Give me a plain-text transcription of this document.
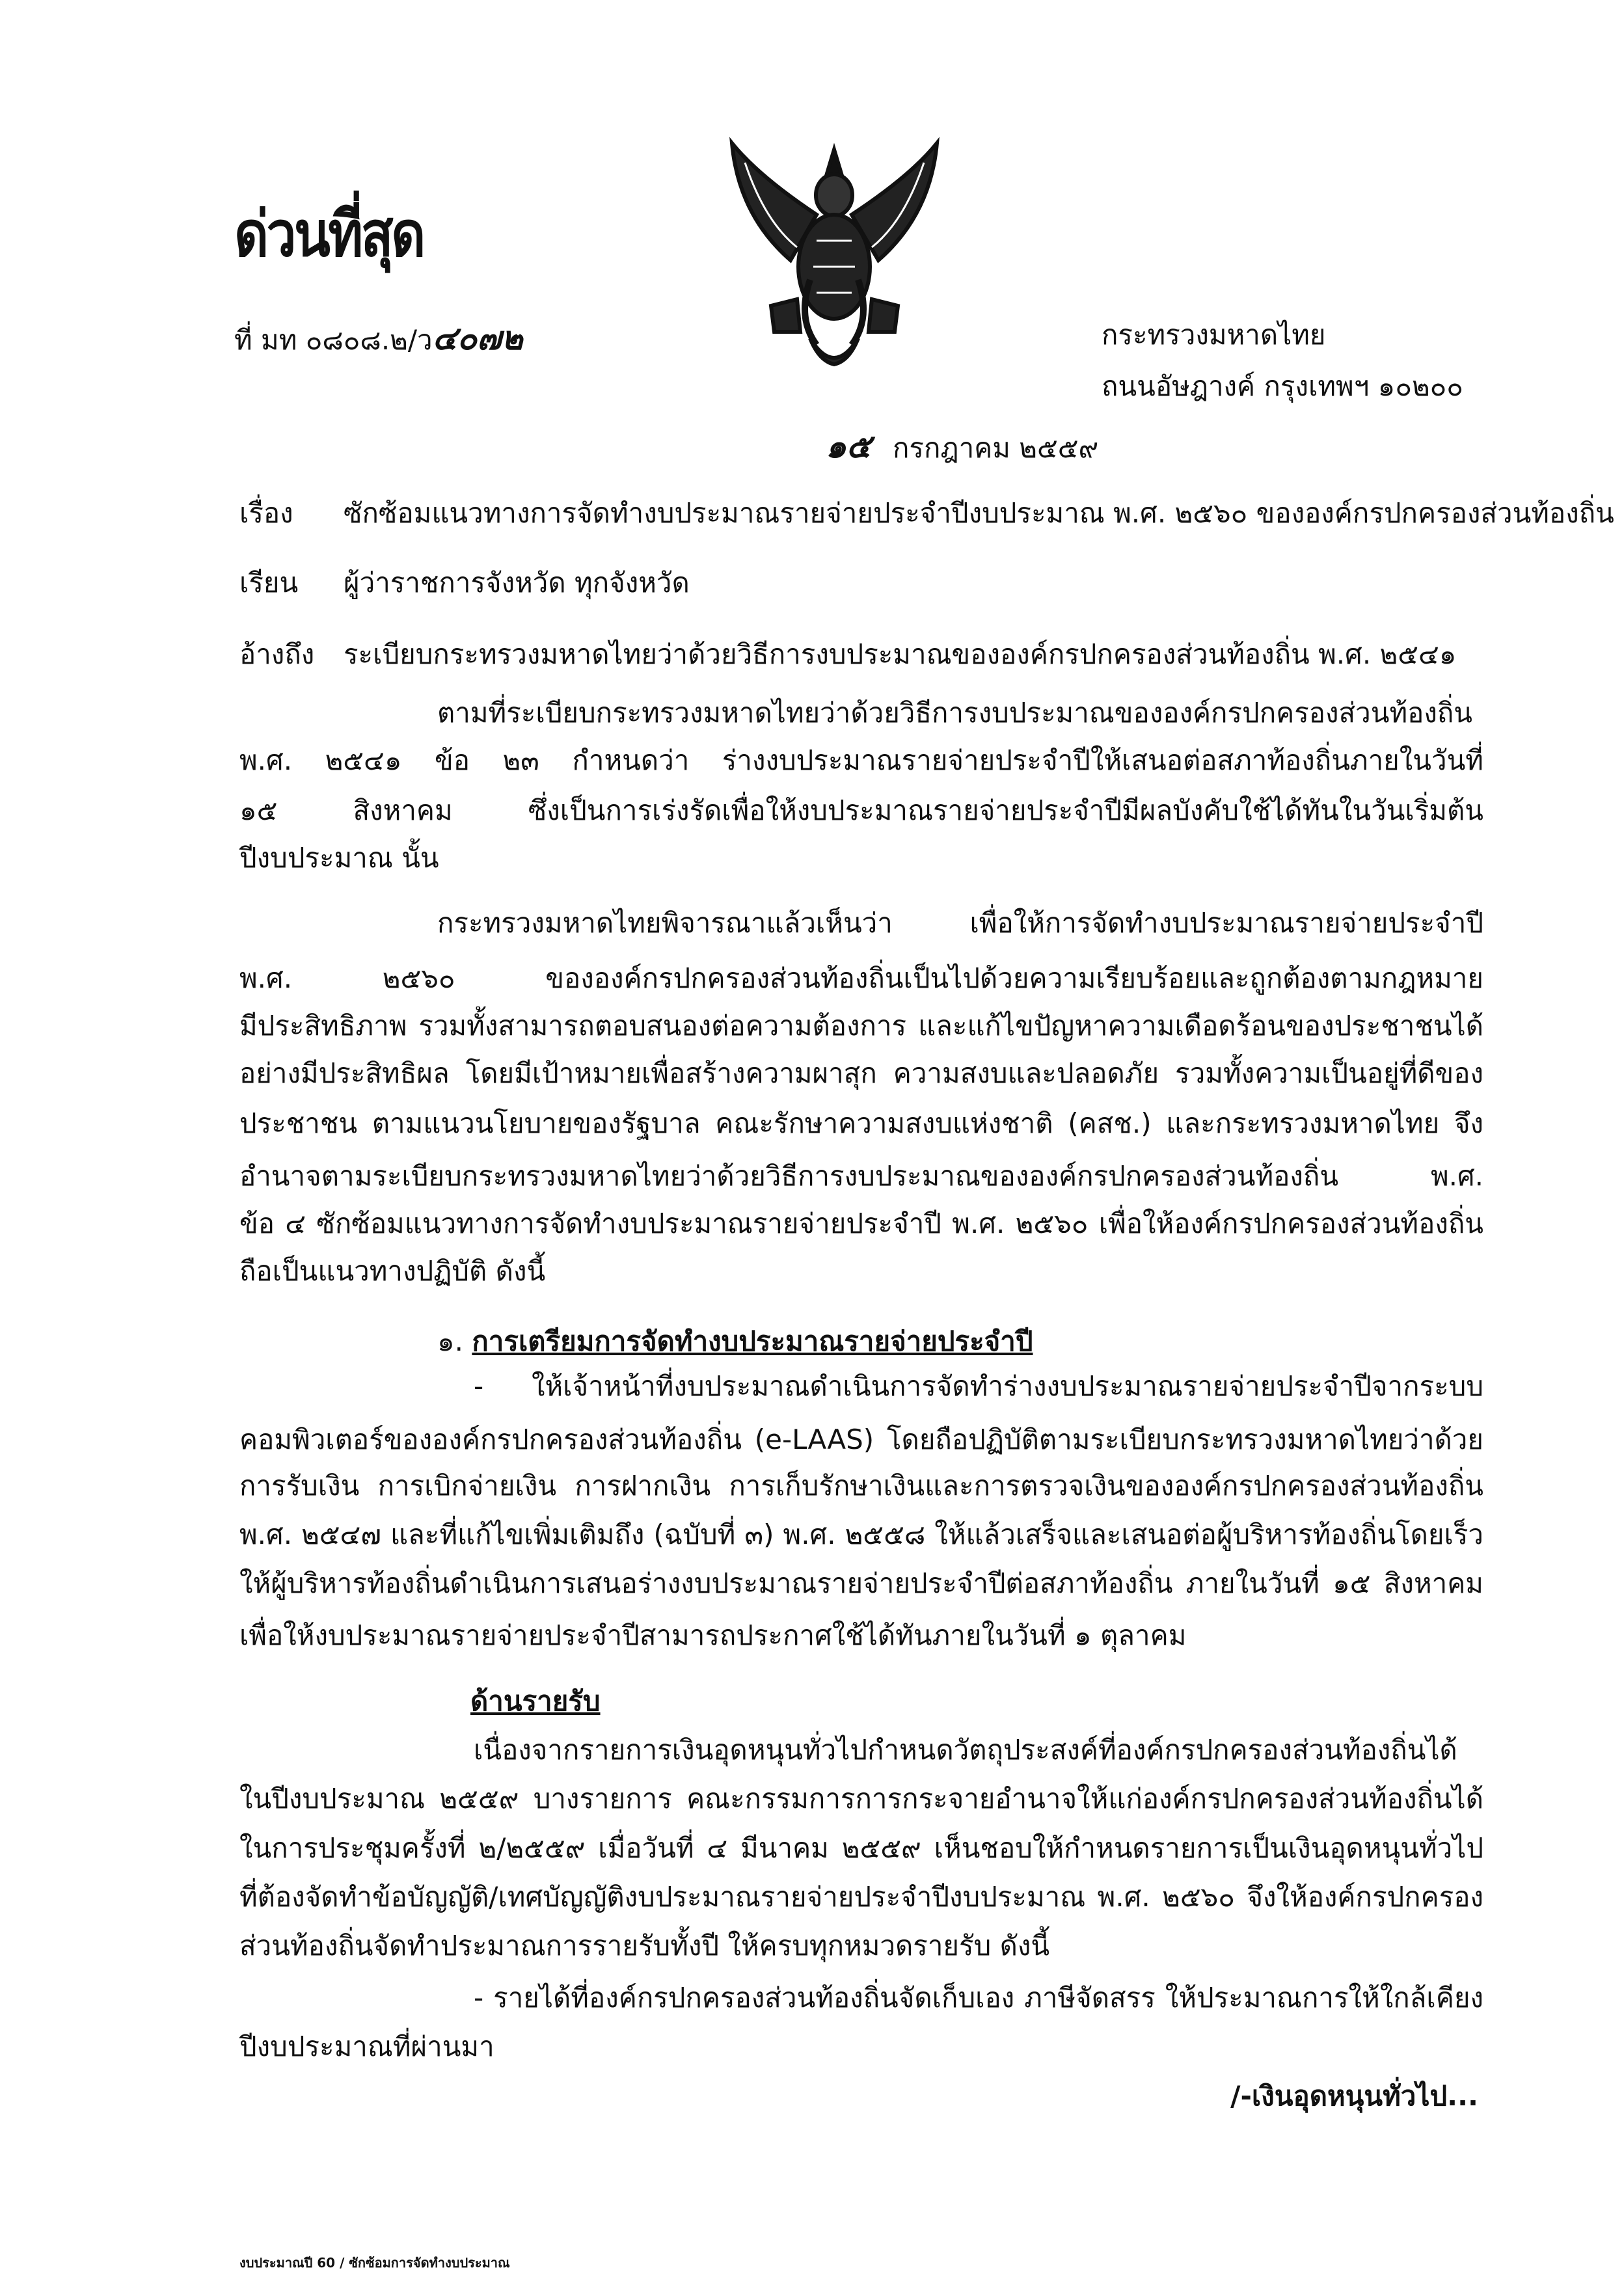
ด่วนที่สุด
ที่ มท ๐๘๐๘.๒/ว๔๐๗๒	กระทรวงมหาดไทย
ถนนอัษฎางค์ กรุงเทพฯ ๑๐๒๐๐
๑๕ กรกฎาคม ๒๕๕๙
เรื่อง ซักซ้อมแนวทางการจัดทำงบประมาณรายจ่ายประจำปีงบประมาณ พ.ศ. ๒๕๖๐ ขององค์กรปกครองส่วนท้องถิ่น
เรียน ผู้ว่าราชการจังหวัด ทุกจังหวัด
อ้างถึง ระเบียบกระทรวงมหาดไทยว่าด้วยวิธีการงบประมาณขององค์กรปกครองส่วนท้องถิ่น พ.ศ. ๒๕๔๑
ตามที่ระเบียบกระทรวงมหาดไทยว่าด้วยวิธีการงบประมาณขององค์กรปกครองส่วนท้องถิ่น
พ.ศ. ๒๕๔๑ ข้อ ๒๓ กำหนดว่า ร่างงบประมาณรายจ่ายประจำปีให้เสนอต่อสภาท้องถิ่นภายในวันที่
๑๕ สิงหาคม ซึ่งเป็นการเร่งรัดเพื่อให้งบประมาณรายจ่ายประจำปีมีผลบังคับใช้ได้ทันในวันเริ่มต้น
ปีงบประมาณ นั้น
กระทรวงมหาดไทยพิจารณาแล้วเห็นว่า เพื่อให้การจัดทำงบประมาณรายจ่ายประจำปี
พ.ศ. ๒๕๖๐ ขององค์กรปกครองส่วนท้องถิ่นเป็นไปด้วยความเรียบร้อยและถูกต้องตามกฎหมาย
มีประสิทธิภาพ รวมทั้งสามารถตอบสนองต่อความต้องการ และแก้ไขปัญหาความเดือดร้อนของประชาชนได้
อย่างมีประสิทธิผล โดยมีเป้าหมายเพื่อสร้างความผาสุก ความสงบและปลอดภัย รวมทั้งความเป็นอยู่ที่ดีของ
ประชาชน ตามแนวนโยบายของรัฐบาล คณะรักษาความสงบแห่งชาติ (คสช.) และกระทรวงมหาดไทย จึง
อำนาจตามระเบียบกระทรวงมหาดไทยว่าด้วยวิธีการงบประมาณขององค์กรปกครองส่วนท้องถิ่น พ.ศ.
ข้อ ๔ ซักซ้อมแนวทางการจัดทำงบประมาณรายจ่ายประจำปี พ.ศ. ๒๕๖๐ เพื่อให้องค์กรปกครองส่วนท้องถิ่น
ถือเป็นแนวทางปฏิบัติ ดังนี้
๑. การเตรียมการจัดทำงบประมาณรายจ่ายประจำปี
- ให้เจ้าหน้าที่งบประมาณดำเนินการจัดทำร่างงบประมาณรายจ่ายประจำปีจากระบบ
คอมพิวเตอร์ขององค์กรปกครองส่วนท้องถิ่น (e-LAAS) โดยถือปฏิบัติตามระเบียบกระทรวงมหาดไทยว่าด้วย
การรับเงิน การเบิกจ่ายเงิน การฝากเงิน การเก็บรักษาเงินและการตรวจเงินขององค์กรปกครองส่วนท้องถิ่น
พ.ศ. ๒๕๔๗ และที่แก้ไขเพิ่มเติมถึง (ฉบับที่ ๓) พ.ศ. ๒๕๕๘ ให้แล้วเสร็จและเสนอต่อผู้บริหารท้องถิ่นโดยเร็ว
ให้ผู้บริหารท้องถิ่นดำเนินการเสนอร่างงบประมาณรายจ่ายประจำปีต่อสภาท้องถิ่น ภายในวันที่ ๑๕ สิงหาคม
เพื่อให้งบประมาณรายจ่ายประจำปีสามารถประกาศใช้ได้ทันภายในวันที่ ๑ ตุลาคม
ด้านรายรับ
เนื่องจากรายการเงินอุดหนุนทั่วไปกำหนดวัตถุประสงค์ที่องค์กรปกครองส่วนท้องถิ่นได้
ในปีงบประมาณ ๒๕๕๙ บางรายการ คณะกรรมการการกระจายอำนาจให้แก่องค์กรปกครองส่วนท้องถิ่นได้
ในการประชุมครั้งที่ ๒/๒๕๕๙ เมื่อวันที่ ๔ มีนาคม ๒๕๕๙ เห็นชอบให้กำหนดรายการเป็นเงินอุดหนุนทั่วไป
ที่ต้องจัดทำข้อบัญญัติ/เทศบัญญัติงบประมาณรายจ่ายประจำปีงบประมาณ พ.ศ. ๒๕๖๐ จึงให้องค์กรปกครอง
ส่วนท้องถิ่นจัดทำประมาณการรายรับทั้งปี ให้ครบทุกหมวดรายรับ ดังนี้
- รายได้ที่องค์กรปกครองส่วนท้องถิ่นจัดเก็บเอง ภาษีจัดสรร ให้ประมาณการให้ใกล้เคียง
ปีงบประมาณที่ผ่านมา
/-เงินอุดหนุนทั่วไป...
งบประมาณปี 60 / ซักซ้อมการจัดทำงบประมาณ
